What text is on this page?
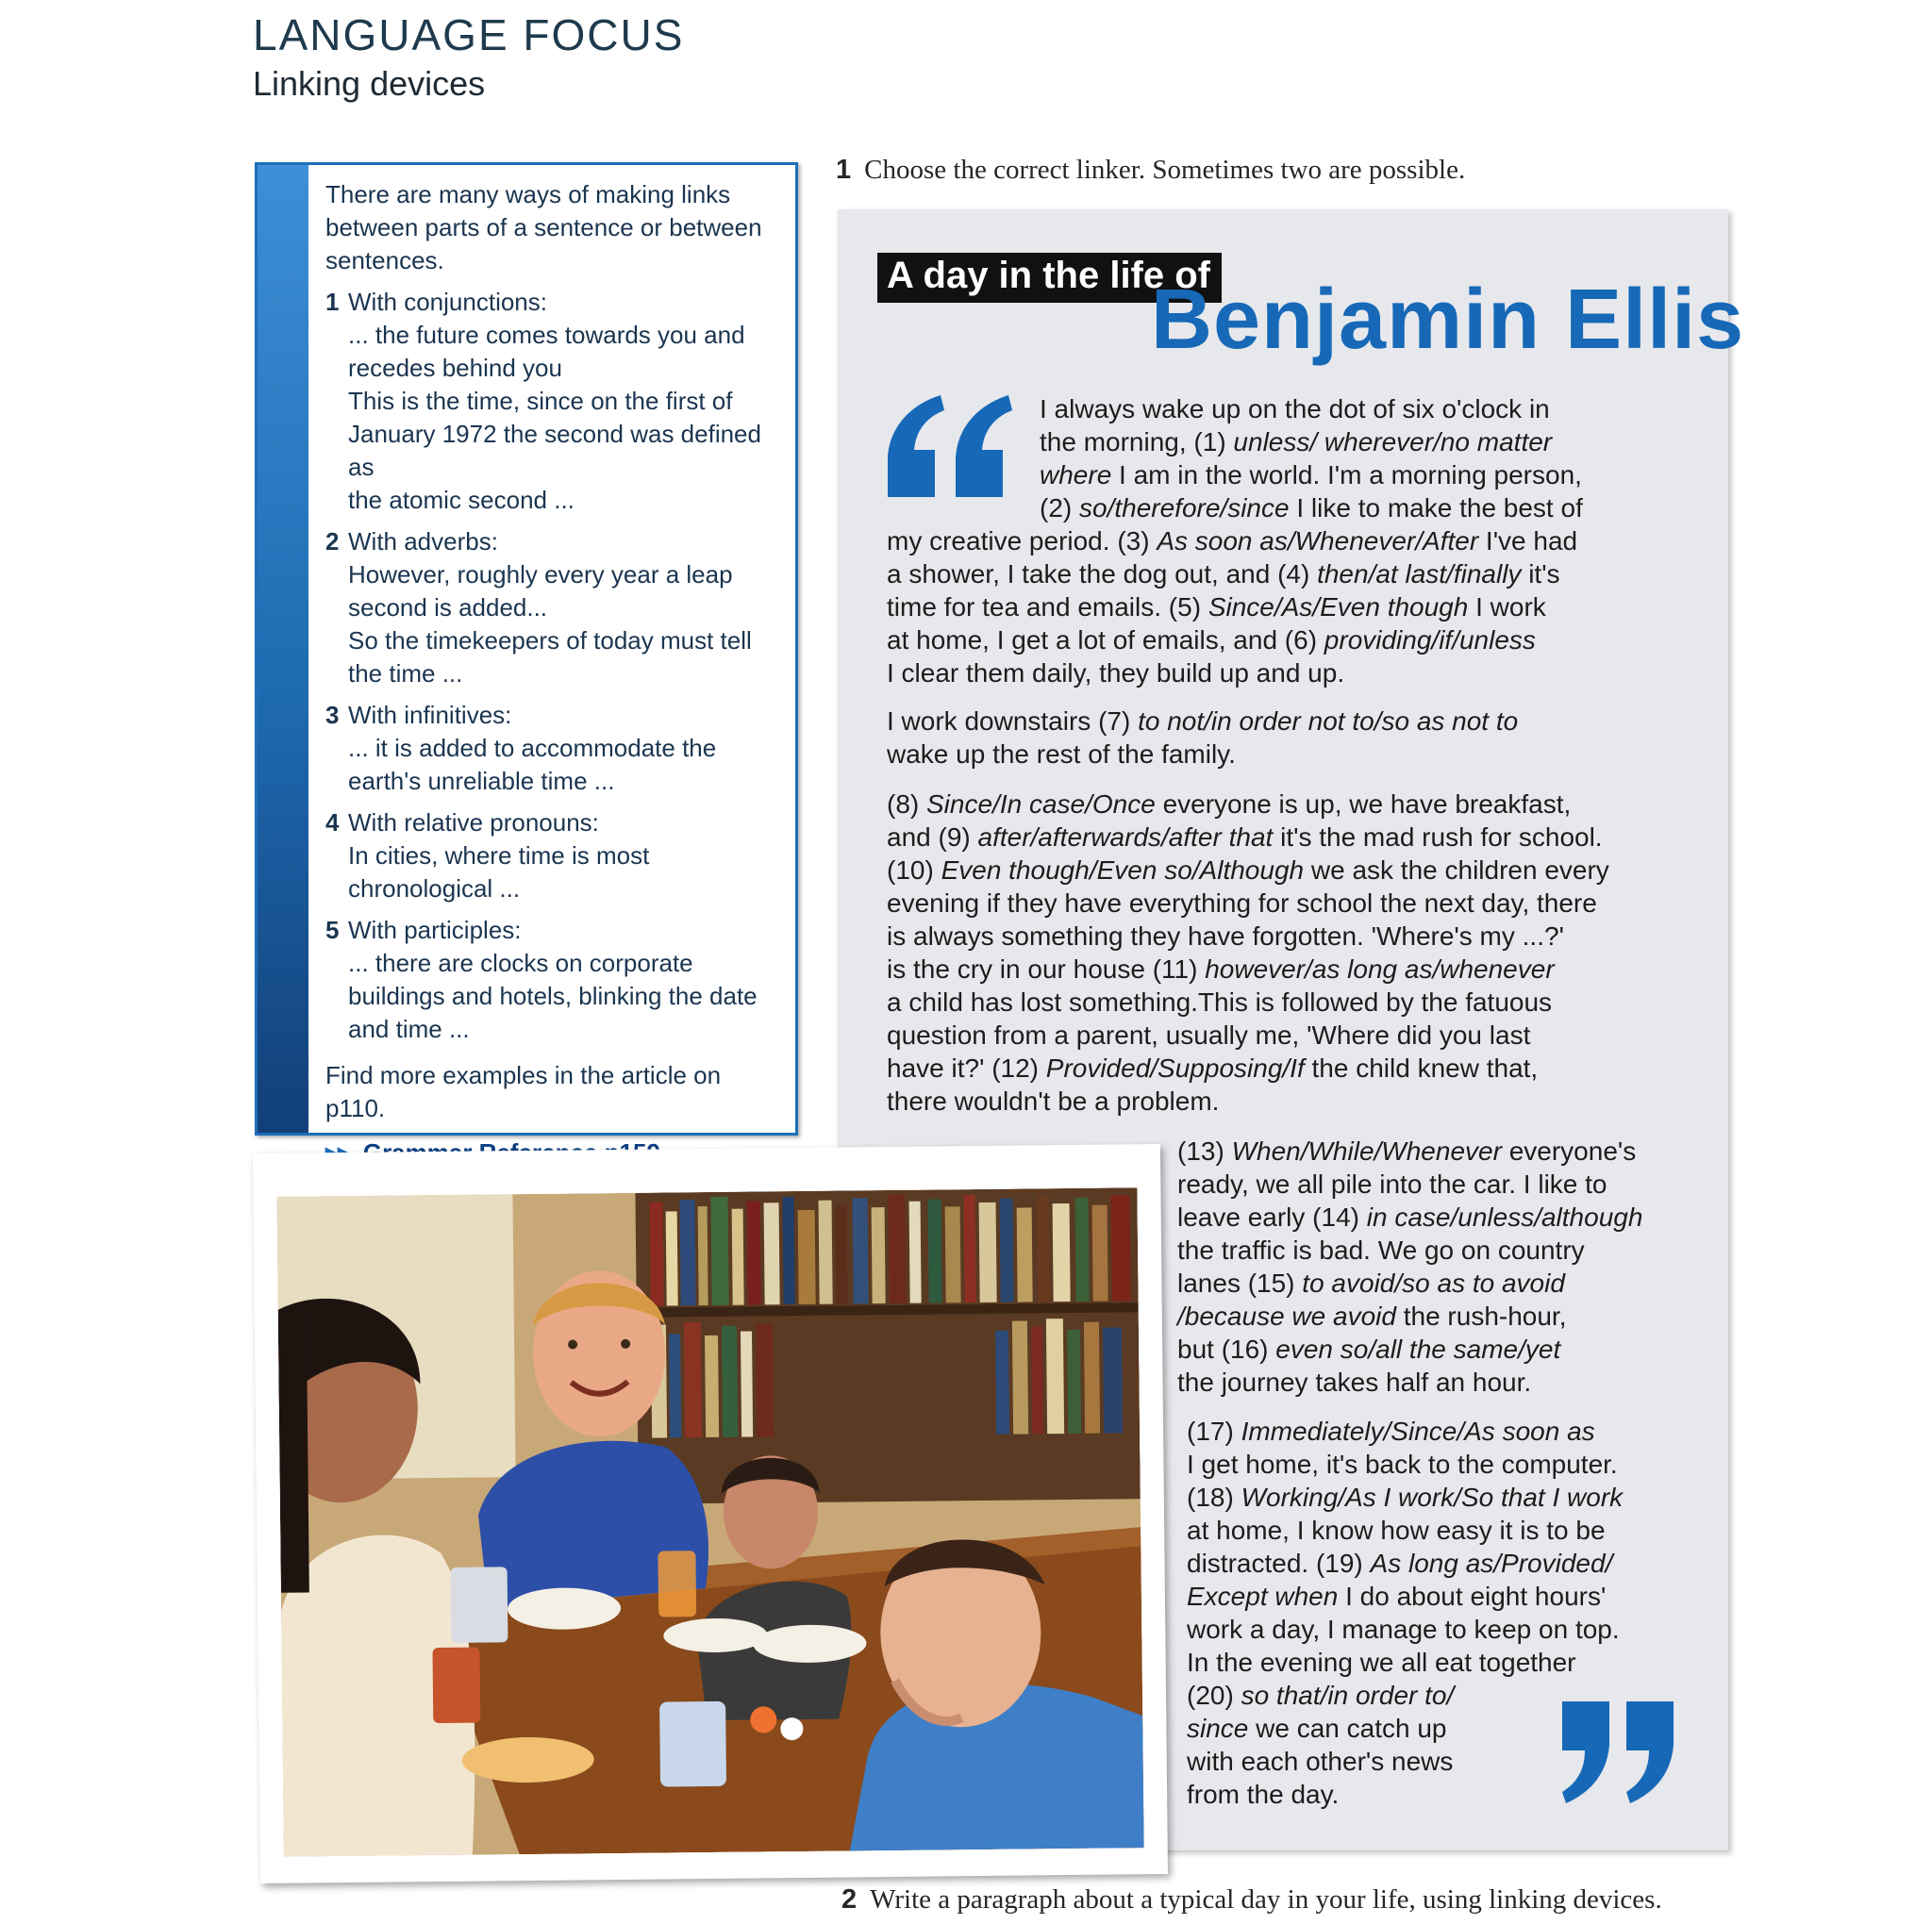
LANGUAGE FOCUS
Linking devices
There are many ways of making links
between parts of a sentence or between
sentences.
1 With conjunctions:
... the future comes towards you and
recedes behind you
This is the time, since on the first of
January 1972 the second was defined as
the atomic second ...
2 With adverbs:
However, roughly every year a leap
second is added...
So the timekeepers of today must tell
the time ...
3 With infinitives:
... it is added to accommodate the
earth's unreliable time ...
4 With relative pronouns:
In cities, where time is most
chronological ...
5 With participles:
... there are clocks on corporate
buildings and hotels, blinking the date
and time ...
Find more examples in the article on p110.
1 Choose the correct linker. Sometimes two are possible.
A day in the life of
Benjamin Ellis
I always wake up on the dot of six o'clock in
the morning, (1) unless/ wherever/no matter
where I am in the world. I'm a morning person,
(2) so/therefore/since I like to make the best of
my creative period. (3) As soon as/Whenever/After I've had
a shower, I take the dog out, and (4) then/at last/finally it's
time for tea and emails. (5) Since/As/Even though I work
at home, I get a lot of emails, and (6) providing/if/unless
I clear them daily, they build up and up.
I work downstairs (7) to not/in order not to/so as not to
wake up the rest of the family.
(8) Since/In case/Once everyone is up, we have breakfast,
and (9) after/afterwards/after that it's the mad rush for school.
(10) Even though/Even so/Although we ask the children every
evening if they have everything for school the next day, there
is always something they have forgotten. 'Where's my ...?'
is the cry in our house (11) however/as long as/whenever
a child has lost something.This is followed by the fatuous
question from a parent, usually me, 'Where did you last
have it?' (12) Provided/Supposing/If the child knew that,
there wouldn't be a problem.
(13) When/While/Whenever everyone's
ready, we all pile into the car. I like to
leave early (14) in case/unless/although
the traffic is bad. We go on country
lanes (15) to avoid/so as to avoid
/because we avoid the rush-hour,
but (16) even so/all the same/yet
the journey takes half an hour.
(17) Immediately/Since/As soon as
I get home, it's back to the computer.
(18) Working/As I work/So that I work
at home, I know how easy it is to be
distracted. (19) As long as/Provided/
Except when I do about eight hours'
work a day, I manage to keep on top.
In the evening we all eat together
(20) so that/in order to/
since we can catch up
with each other's news
from the day.
2 Write a paragraph about a typical day in your life, using linking devices.
